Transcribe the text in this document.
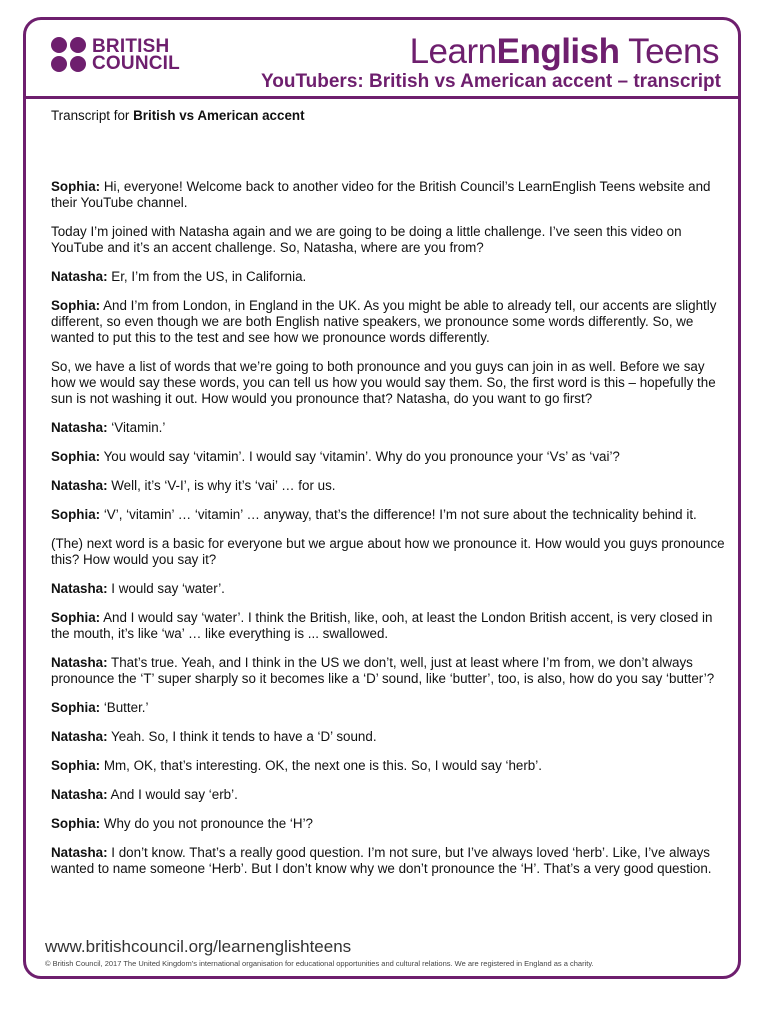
BRITISH
COUNCIL	LearnEnglish Teens
YouTubers: British vs American accent – transcript

Transcript for British vs American accent

Sophia: Hi, everyone! Welcome back to another video for the British Council’s LearnEnglish Teens website and their YouTube channel.

Today I’m joined with Natasha again and we are going to be doing a little challenge. I’ve seen this video on YouTube and it’s an accent challenge. So, Natasha, where are you from?

Natasha: Er, I’m from the US, in California.

Sophia: And I’m from London, in England in the UK. As you might be able to already tell, our accents are slightly different, so even though we are both English native speakers, we pronounce some words differently. So, we wanted to put this to the test and see how we pronounce words differently.

So, we have a list of words that we’re going to both pronounce and you guys can join in as well. Before we say how we would say these words, you can tell us how you would say them. So, the first word is this – hopefully the sun is not washing it out. How would you pronounce that? Natasha, do you want to go first?

Natasha: ‘Vitamin.’

Sophia: You would say ‘vitamin’. I would say ‘vitamin’. Why do you pronounce your ‘Vs’ as ‘vai’?

Natasha: Well, it’s ‘V-I’, is why it’s ‘vai’ … for us.

Sophia: ‘V’, ‘vitamin’ … ‘vitamin’ … anyway, that’s the difference! I’m not sure about the technicality behind it.

(The) next word is a basic for everyone but we argue about how we pronounce it. How would you guys pronounce this? How would you say it?

Natasha: I would say ‘water’.

Sophia: And I would say ‘water’. I think the British, like, ooh, at least the London British accent, is very closed in the mouth, it’s like ‘wa’ … like everything is ... swallowed.

Natasha: That’s true. Yeah, and I think in the US we don’t, well, just at least where I’m from, we don’t always pronounce the ‘T’ super sharply so it becomes like a ‘D’ sound, like ‘butter’, too, is also, how do you say ‘butter’?

Sophia: ‘Butter.’

Natasha: Yeah. So, I think it tends to have a ‘D’ sound.

Sophia: Mm, OK, that’s interesting. OK, the next one is this. So, I would say ‘herb’.

Natasha: And I would say ‘erb’.

Sophia: Why do you not pronounce the ‘H’?

Natasha: I don’t know. That’s a really good question. I’m not sure, but I’ve always loved ‘herb’. Like, I’ve always wanted to name someone ‘Herb’. But I don’t know why we don’t pronounce the ‘H’. That’s a very good question.

www.britishcouncil.org/learnenglishteens
© British Council, 2017 The United Kingdom’s international organisation for educational opportunities and cultural relations. We are registered in England as a charity.
